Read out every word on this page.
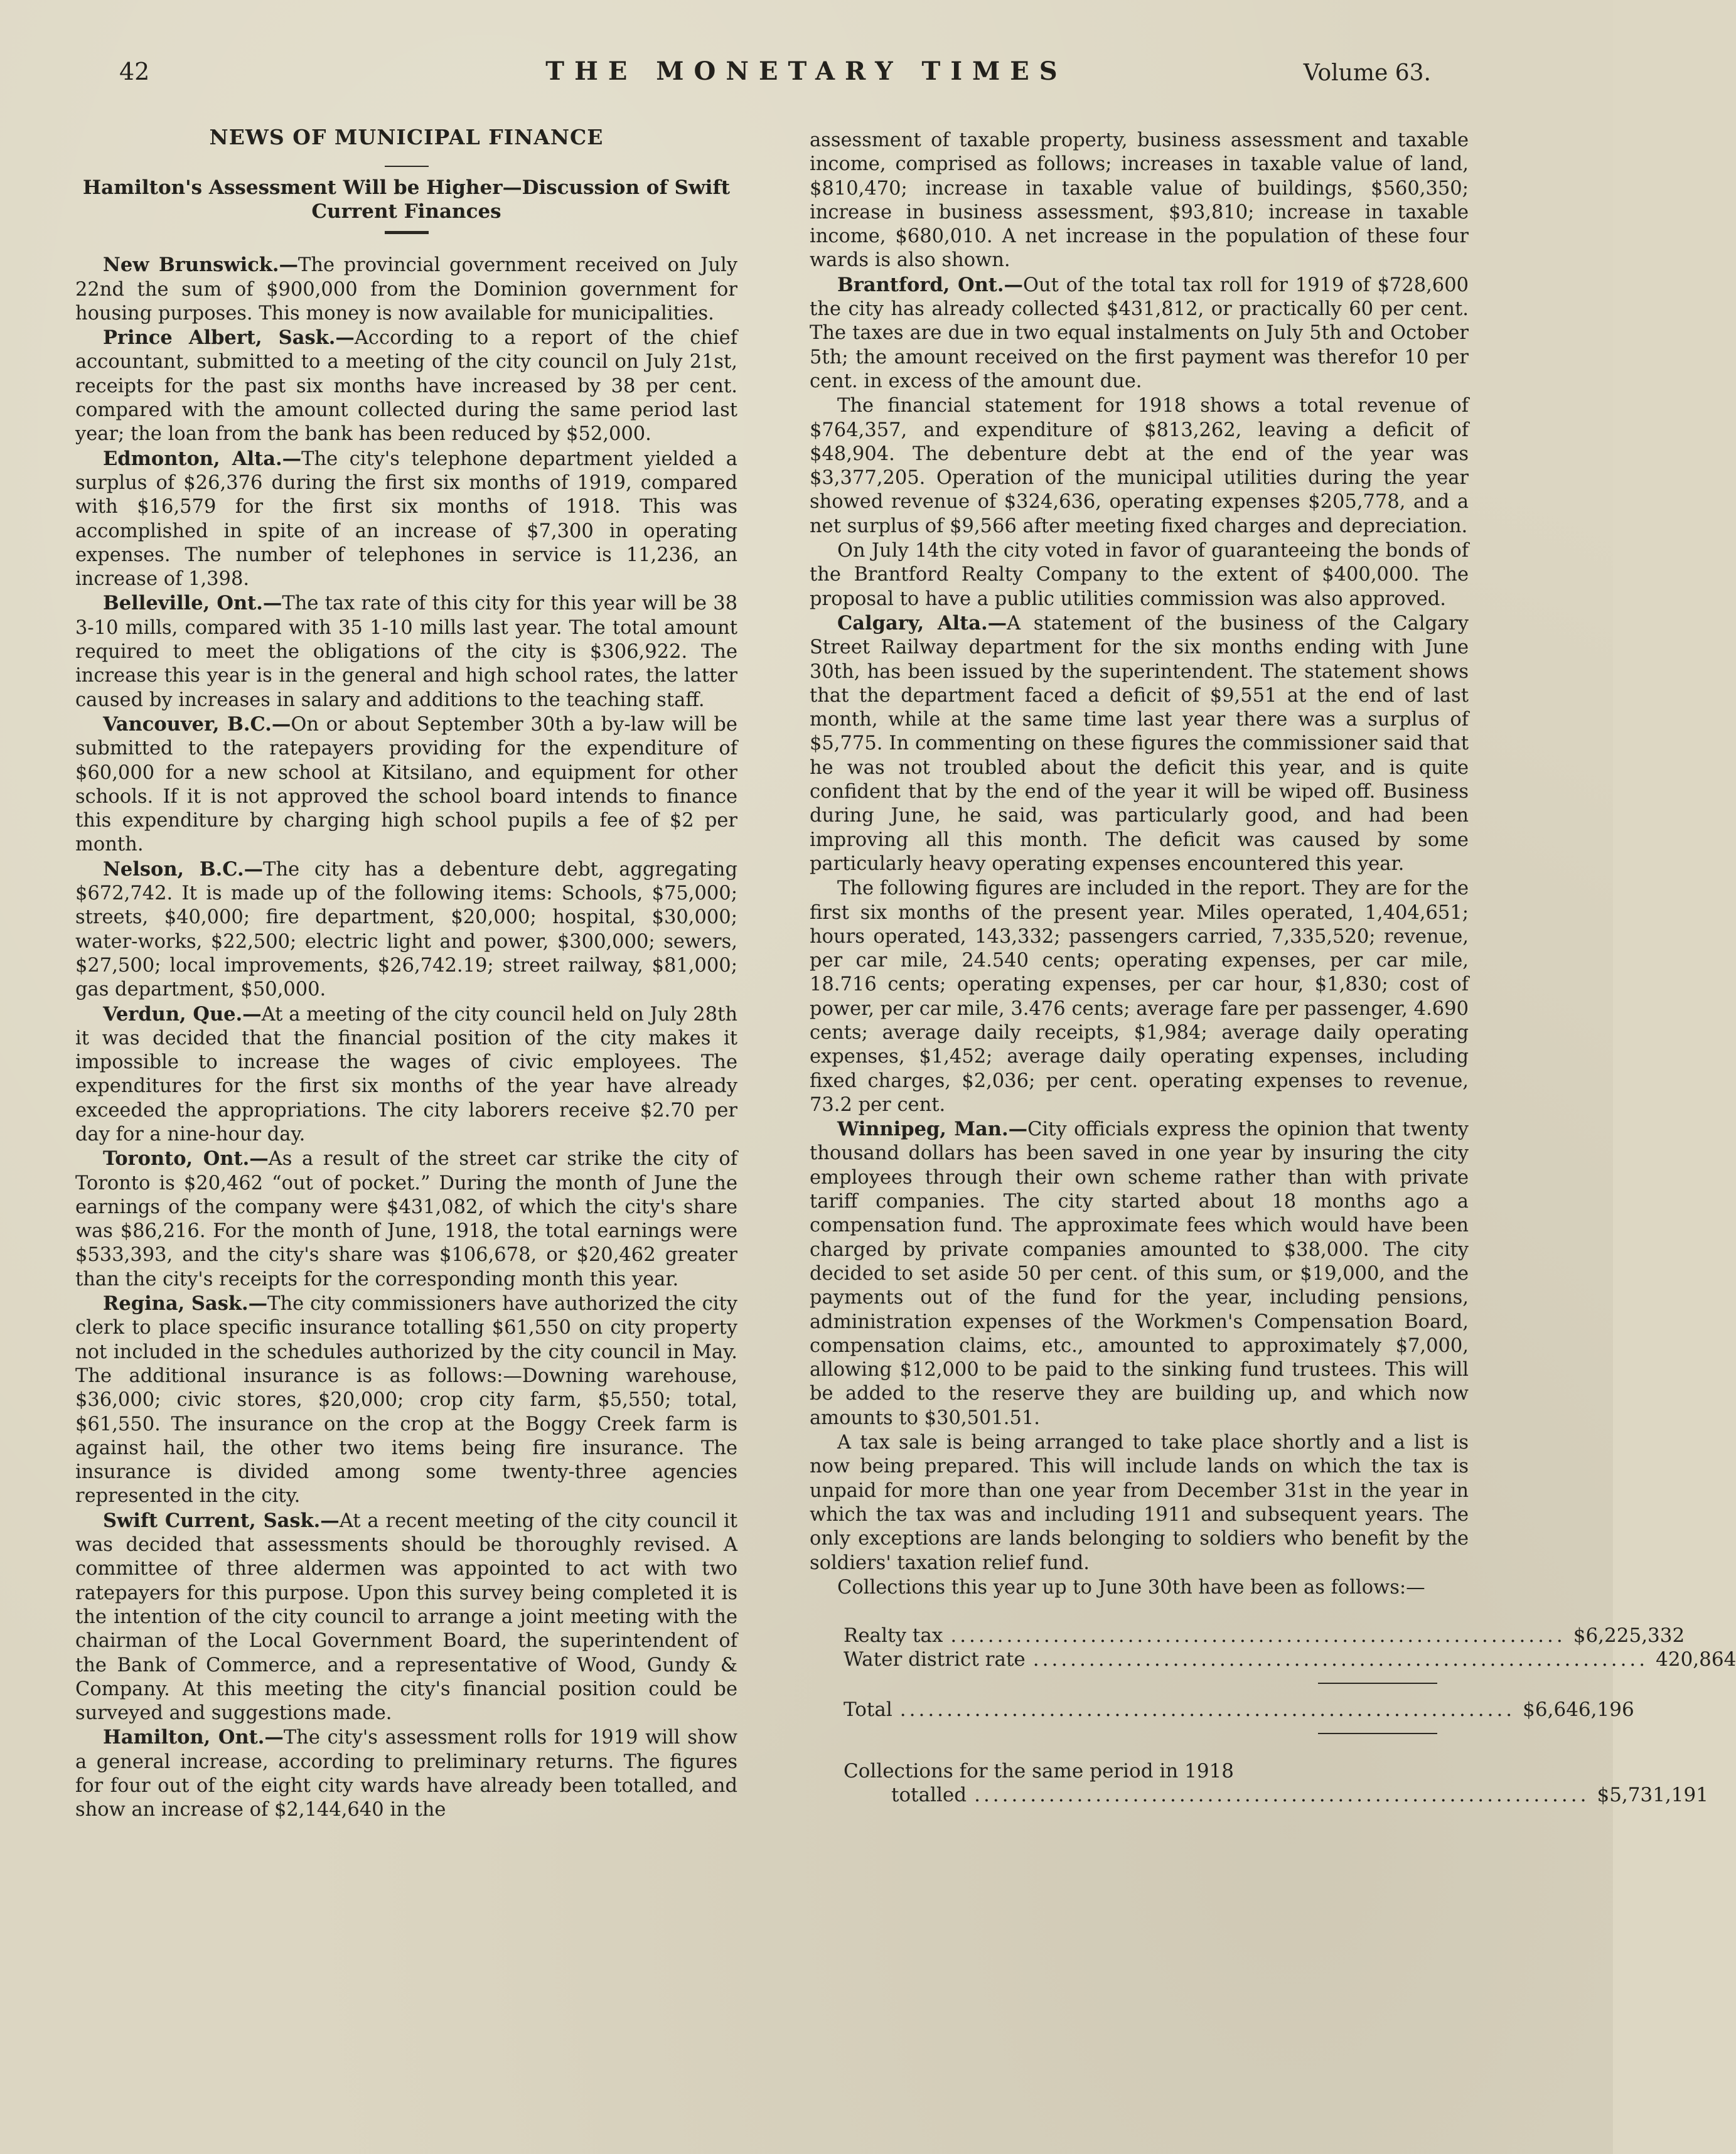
42	THE MONETARY TIMES	Volume 63.
NEWS OF MUNICIPAL FINANCE
Hamilton's Assessment Will be Higher—Discussion of Swift
Current Finances

New Brunswick.—The provincial government received on July 22nd the sum of $900,000 from the Dominion government for housing purposes. This money is now available for municipalities.

Prince Albert, Sask.—According to a report of the chief accountant, submitted to a meeting of the city council on July 21st, receipts for the past six months have increased by 38 per cent. compared with the amount collected during the same period last year; the loan from the bank has been reduced by $52,000.

Edmonton, Alta.—The city's telephone department yielded a surplus of $26,376 during the first six months of 1919, compared with $16,579 for the first six months of 1918. This was accomplished in spite of an increase of $7,300 in operating expenses. The number of telephones in service is 11,236, an increase of 1,398.

Belleville, Ont.—The tax rate of this city for this year will be 38 3-10 mills, compared with 35 1-10 mills last year. The total amount required to meet the obligations of the city is $306,922. The increase this year is in the general and high school rates, the latter caused by increases in salary and additions to the teaching staff.

Vancouver, B.C.—On or about September 30th a by-law will be submitted to the ratepayers providing for the expenditure of $60,000 for a new school at Kitsilano, and equipment for other schools. If it is not approved the school board intends to finance this expenditure by charging high school pupils a fee of $2 per month.

Nelson, B.C.—The city has a debenture debt, aggregating $672,742. It is made up of the following items: Schools, $75,000; streets, $40,000; fire department, $20,000; hospital, $30,000; water-works, $22,500; electric light and power, $300,000; sewers, $27,500; local improvements, $26,742.19; street railway, $81,000; gas department, $50,000.

Verdun, Que.—At a meeting of the city council held on July 28th it was decided that the financial position of the city makes it impossible to increase the wages of civic employees. The expenditures for the first six months of the year have already exceeded the appropriations. The city laborers receive $2.70 per day for a nine-hour day.

Toronto, Ont.—As a result of the street car strike the city of Toronto is $20,462 “out of pocket.” During the month of June the earnings of the company were $431,082, of which the city's share was $86,216. For the month of June, 1918, the total earnings were $533,393, and the city's share was $106,678, or $20,462 greater than the city's receipts for the corresponding month this year.

Regina, Sask.—The city commissioners have authorized the city clerk to place specific insurance totalling $61,550 on city property not included in the schedules authorized by the city council in May. The additional insurance is as follows:—Downing warehouse, $36,000; civic stores, $20,000; crop city farm, $5,550; total, $61,550. The insurance on the crop at the Boggy Creek farm is against hail, the other two items being fire insurance. The insurance is divided among some twenty-three agencies represented in the city.

Swift Current, Sask.—At a recent meeting of the city council it was decided that assessments should be thoroughly revised. A committee of three aldermen was appointed to act with two ratepayers for this purpose. Upon this survey being completed it is the intention of the city council to arrange a joint meeting with the chairman of the Local Government Board, the superintendent of the Bank of Commerce, and a representative of Wood, Gundy & Company. At this meeting the city's financial position could be surveyed and suggestions made.

Hamilton, Ont.—The city's assessment rolls for 1919 will show a general increase, according to preliminary returns. The figures for four out of the eight city wards have already been totalled, and show an increase of $2,144,640 in the

assessment of taxable property, business assessment and taxable income, comprised as follows; increases in taxable value of land, $810,470; increase in taxable value of buildings, $560,350; increase in business assessment, $93,810; increase in taxable income, $680,010. A net increase in the population of these four wards is also shown.

Brantford, Ont.—Out of the total tax roll for 1919 of $728,600 the city has already collected $431,812, or practically 60 per cent. The taxes are due in two equal instalments on July 5th and October 5th; the amount received on the first payment was therefor 10 per cent. in excess of the amount due.

The financial statement for 1918 shows a total revenue of $764,357, and expenditure of $813,262, leaving a deficit of $48,904. The debenture debt at the end of the year was $3,377,205. Operation of the municipal utilities during the year showed revenue of $324,636, operating expenses $205,778, and a net surplus of $9,566 after meeting fixed charges and depreciation.

On July 14th the city voted in favor of guaranteeing the bonds of the Brantford Realty Company to the extent of $400,000. The proposal to have a public utilities commission was also approved.

Calgary, Alta.—A statement of the business of the Calgary Street Railway department for the six months ending with June 30th, has been issued by the superintendent. The statement shows that the department faced a deficit of $9,551 at the end of last month, while at the same time last year there was a surplus of $5,775. In commenting on these figures the commissioner said that he was not troubled about the deficit this year, and is quite confident that by the end of the year it will be wiped off. Business during June, he said, was particularly good, and had been improving all this month. The deficit was caused by some particularly heavy operating expenses encountered this year.

The following figures are included in the report. They are for the first six months of the present year. Miles operated, 1,404,651; hours operated, 143,332; passengers carried, 7,335,520; revenue, per car mile, 24.540 cents; operating expenses, per car mile, 18.716 cents; operating expenses, per car hour, $1,830; cost of power, per car mile, 3.476 cents; average fare per passenger, 4.690 cents; average daily receipts, $1,984; average daily operating expenses, $1,452; average daily operating expenses, including fixed charges, $2,036; per cent. operating expenses to revenue, 73.2 per cent.

Winnipeg, Man.—City officials express the opinion that twenty thousand dollars has been saved in one year by insuring the city employees through their own scheme rather than with private tariff companies. The city started about 18 months ago a compensation fund. The approximate fees which would have been charged by private companies amounted to $38,000. The city decided to set aside 50 per cent. of this sum, or $19,000, and the payments out of the fund for the year, including pensions, administration expenses of the Workmen's Compensation Board, compensation claims, etc., amounted to approximately $7,000, allowing $12,000 to be paid to the sinking fund trustees. This will be added to the reserve they are building up, and which now amounts to $30,501.51.

A tax sale is being arranged to take place shortly and a list is now being prepared. This will include lands on which the tax is unpaid for more than one year from December 31st in the year in which the tax was and including 1911 and subsequent years. The only exceptions are lands belonging to soldiers who benefit by the soldiers' taxation relief fund.

Collections this year up to June 30th have been as follows:—

Realty tax .................................................................. $6,225,332
Water district rate .................................................................. 420,864
Total .................................................................. $6,646,196
Collections for the same period in 1918
totalled .................................................................. $5,731,191
